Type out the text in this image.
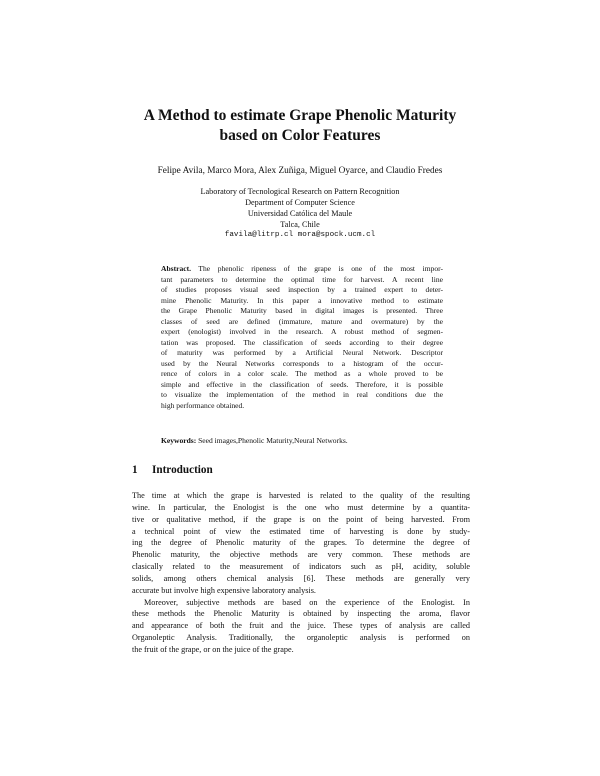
A Method to estimate Grape Phenolic Maturity
based on Color Features
Felipe Avila, Marco Mora, Alex Zuñiga, Miguel Oyarce, and Claudio Fredes
Laboratory of Tecnological Research on Pattern Recognition
Department of Computer Science
Universidad Católica del Maule
Talca, Chile
favila@litrp.cl mora@spock.ucm.cl
Abstract. The phenolic ripeness of the grape is one of the most impor-
tant parameters to determine the optimal time for harvest. A recent line
of studies proposes visual seed inspection by a trained expert to deter-
mine Phenolic Maturity. In this paper a innovative method to estimate
the Grape Phenolic Maturity based in digital images is presented. Three
classes of seed are defined (immature, mature and overmature) by the
expert (enologist) involved in the research. A robust method of segmen-
tation was proposed. The classification of seeds according to their degree
of maturity was performed by a Artificial Neural Network. Descriptor
used by the Neural Networks corresponds to a histogram of the occur-
rence of colors in a color scale. The method as a whole proved to be
simple and effective in the classification of seeds. Therefore, it is possible
to visualize the implementation of the method in real conditions due the
high performance obtained.
Keywords: Seed images,Phenolic Maturity,Neural Networks.
1 Introduction
The time at which the grape is harvested is related to the quality of the resulting
wine. In particular, the Enologist is the one who must determine by a quantita-
tive or qualitative method, if the grape is on the point of being harvested. From
a technical point of view the estimated time of harvesting is done by study-
ing the degree of Phenolic maturity of the grapes. To determine the degree of
Phenolic maturity, the objective methods are very common. These methods are
clasically related to the measurement of indicators such as pH, acidity, soluble
solids, among others chemical analysis [6]. These methods are generally very
accurate but involve high expensive laboratory analysis.
Moreover, subjective methods are based on the experience of the Enologist. In
these methods the Phenolic Maturity is obtained by inspecting the aroma, flavor
and appearance of both the fruit and the juice. These types of analysis are called
Organoleptic Analysis. Traditionally, the organoleptic analysis is performed on
the fruit of the grape, or on the juice of the grape.
